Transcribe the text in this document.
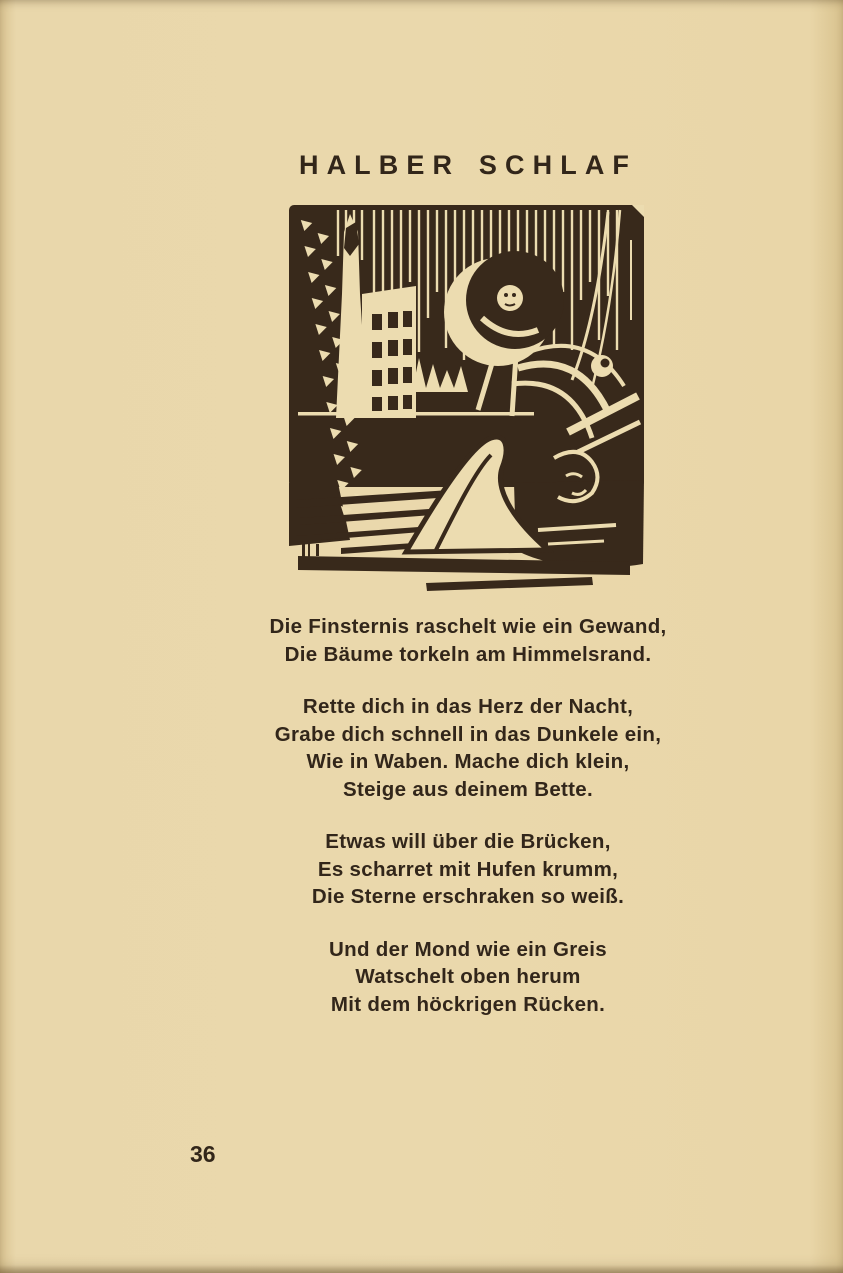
HALBER SCHLAF
Die Finsternis raschelt wie ein Gewand,
Die Bäume torkeln am Himmelsrand.
Rette dich in das Herz der Nacht,
Grabe dich schnell in das Dunkele ein,
Wie in Waben. Mache dich klein,
Steige aus deinem Bette.
Etwas will über die Brücken,
Es scharret mit Hufen krumm,
Die Sterne erschraken so weiß.
Und der Mond wie ein Greis
Watschelt oben herum
Mit dem höckrigen Rücken.
36
